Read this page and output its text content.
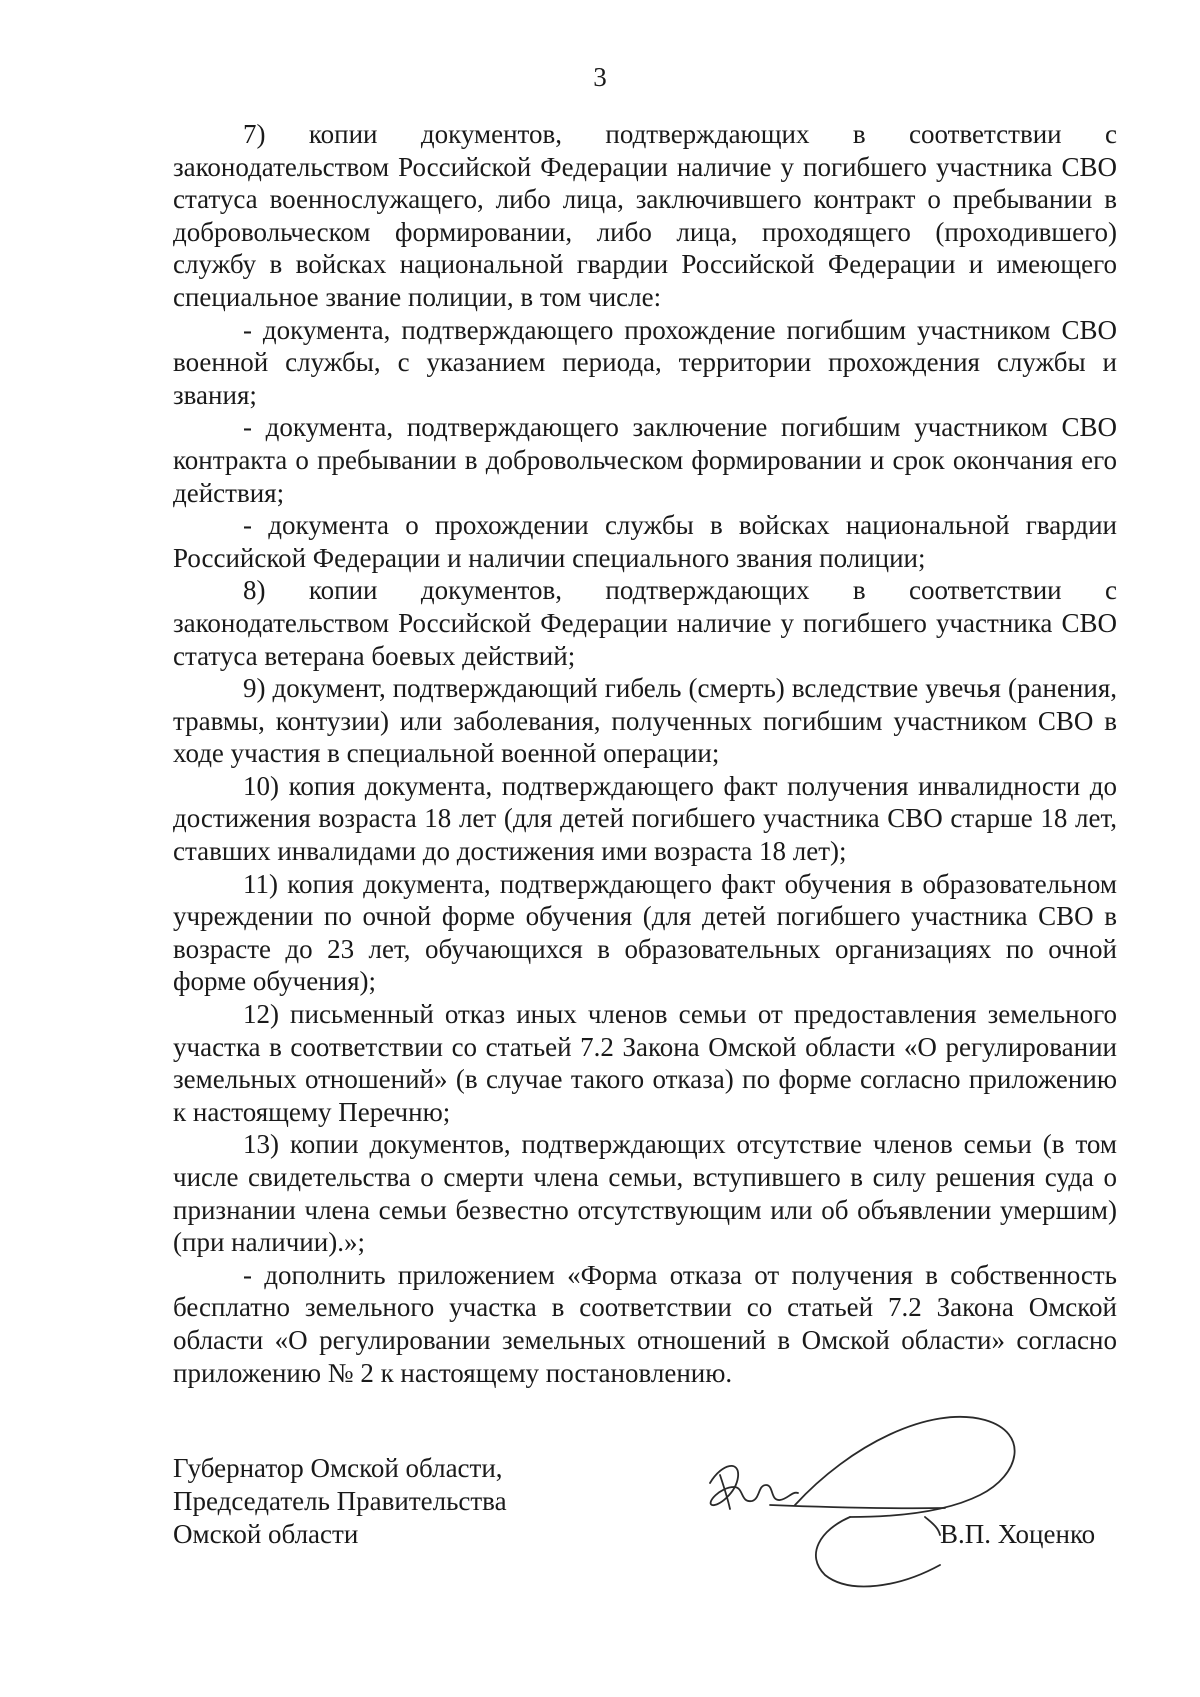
3

7) копии документов, подтверждающих в соответствии с законодательством Российской Федерации наличие у погибшего участника СВО статуса военнослужащего, либо лица, заключившего контракт о пребывании в добровольческом формировании, либо лица, проходящего (проходившего) службу в войсках национальной гвардии Российской Федерации и имеющего специальное звание полиции, в том числе:

- документа, подтверждающего прохождение погибшим участником СВО военной службы, с указанием периода, территории прохождения службы и звания;

- документа, подтверждающего заключение погибшим участником СВО контракта о пребывании в добровольческом формировании и срок окончания его действия;

- документа о прохождении службы в войсках национальной гвардии Российской Федерации и наличии специального звания полиции;

8) копии документов, подтверждающих в соответствии с законодательством Российской Федерации наличие у погибшего участника СВО статуса ветерана боевых действий;

9) документ, подтверждающий гибель (смерть) вследствие увечья (ранения, травмы, контузии) или заболевания, полученных погибшим участником СВО в ходе участия в специальной военной операции;

10) копия документа, подтверждающего факт получения инвалидности до достижения возраста 18 лет (для детей погибшего участника СВО старше 18 лет, ставших инвалидами до достижения ими возраста 18 лет);

11) копия документа, подтверждающего факт обучения в образовательном учреждении по очной форме обучения (для детей погибшего участника СВО в возрасте до 23 лет, обучающихся в образовательных организациях по очной форме обучения);

12) письменный отказ иных членов семьи от предоставления земельного участка в соответствии со статьей 7.2 Закона Омской области «О регулировании земельных отношений» (в случае такого отказа) по форме согласно приложению к настоящему Перечню;

13) копии документов, подтверждающих отсутствие членов семьи (в том числе свидетельства о смерти члена семьи, вступившего в силу решения суда о признании члена семьи безвестно отсутствующим или об объявлении умершим) (при наличии).»;

- дополнить приложением «Форма отказа от получения в собственность бесплатно земельного участка в соответствии со статьей 7.2 Закона Омской области «О регулировании земельных отношений в Омской области» согласно приложению № 2 к настоящему постановлению.

Губернатор Омской области,
Председатель Правительства
Омской области	В.П. Хоценко
